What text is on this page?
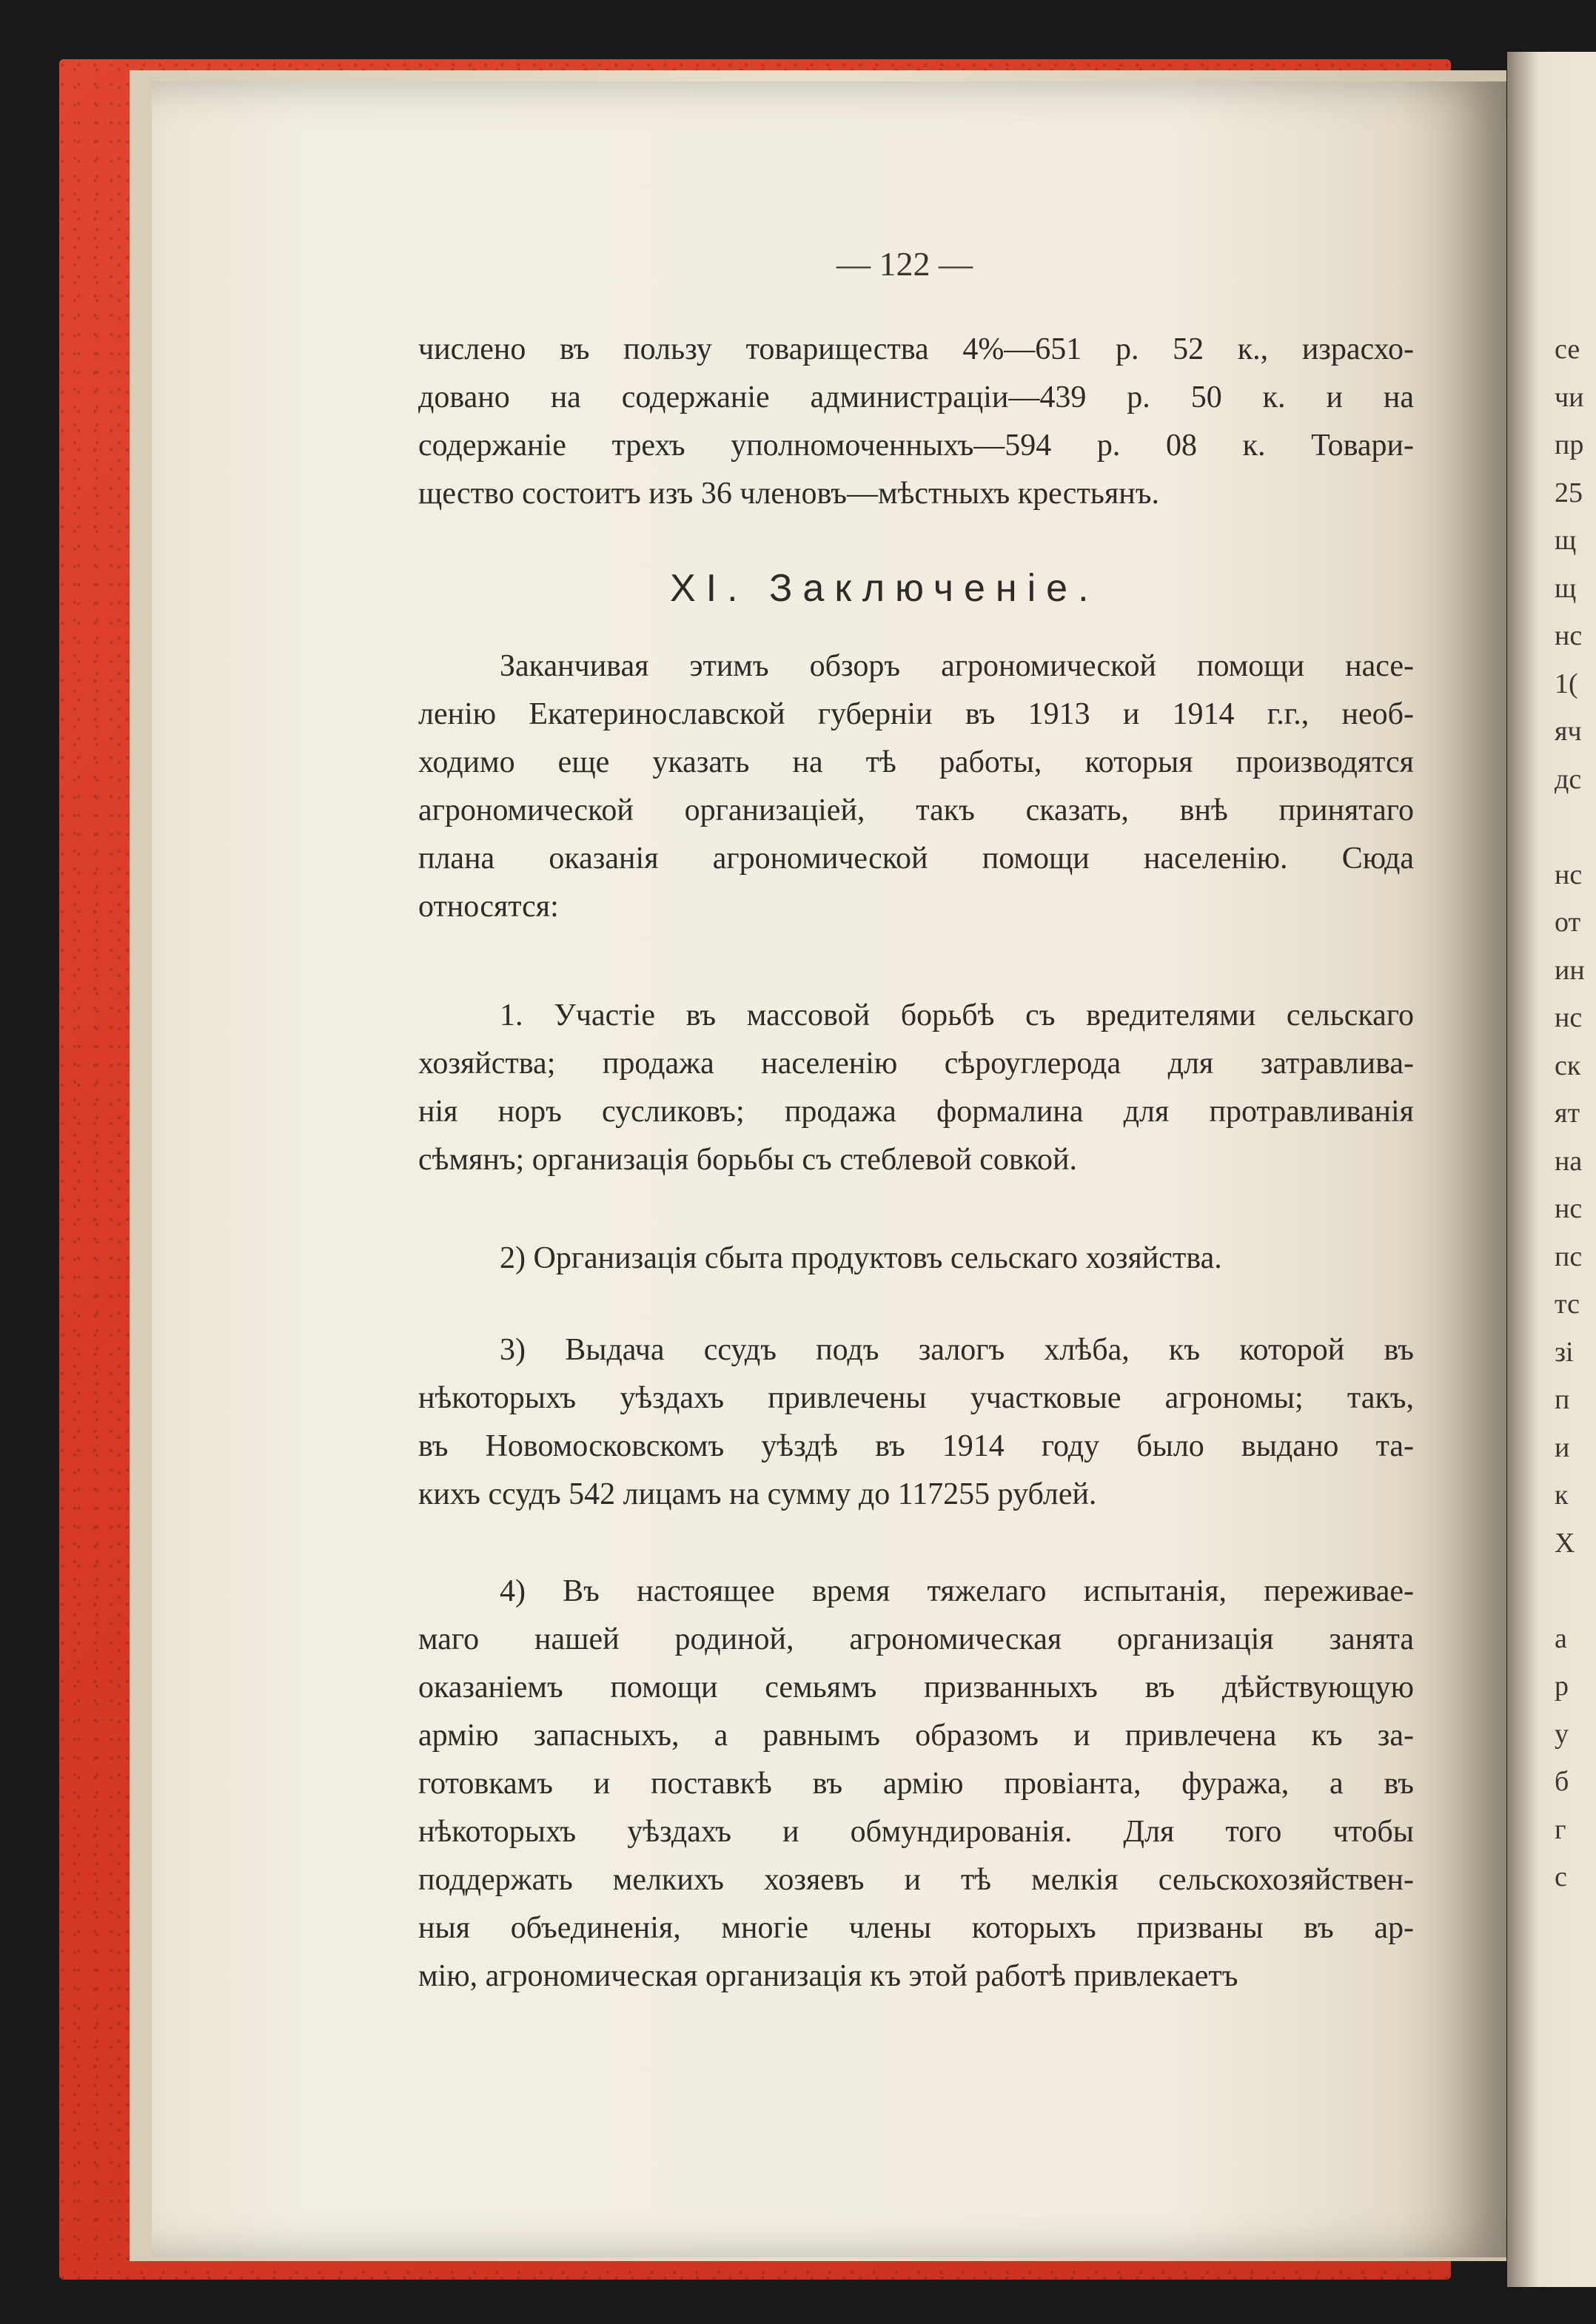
се
чи
пр
25
щ
щ
нс
1(
яч
дс

нс
от
ин
нс
ск
ят
на
нс
пс
тс
зі
п
и
к
X

а
р
у
б
г
с
— 122 —
числено въ пользу товарищества 4%—651 р. 52 к., израсхо-
довано на содержаніе администраціи—439 р. 50 к. и на
содержаніе трехъ уполномоченныхъ—594 р. 08 к. Товари-
щество состоитъ изъ 36 членовъ—мѣстныхъ крестьянъ.
XI. Заключеніе.
Заканчивая этимъ обзоръ агрономической помощи насе-
ленію Екатеринославской губерніи въ 1913 и 1914 г.г., необ-
ходимо еще указать на тѣ работы, которыя производятся
агрономической организаціей, такъ сказать, внѣ принятаго
плана оказанія агрономической помощи населенію. Сюда
относятся:
1. Участіе въ массовой борьбѣ съ вредителями сельскаго
хозяйства; продажа населенію сѣроуглерода для затравлива-
нія норъ сусликовъ; продажа формалина для протравливанія
сѣмянъ; организація борьбы съ стеблевой совкой.
2) Организація сбыта продуктовъ сельскаго хозяйства.
3) Выдача ссудъ подъ залогъ хлѣба, къ которой въ
нѣкоторыхъ уѣздахъ привлечены участковые агрономы; такъ,
въ Новомосковскомъ уѣздѣ въ 1914 году было выдано та-
кихъ ссудъ 542 лицамъ на сумму до 117255 рублей.
4) Въ настоящее время тяжелаго испытанія, переживае-
маго нашей родиной, агрономическая организація занята
оказаніемъ помощи семьямъ призванныхъ въ дѣйствующую
армію запасныхъ, а равнымъ образомъ и привлечена къ за-
готовкамъ и поставкѣ въ армію провіанта, фуража, а въ
нѣкоторыхъ уѣздахъ и обмундированія. Для того чтобы
поддержать мелкихъ хозяевъ и тѣ мелкія сельскохозяйствен-
ныя объединенія, многіе члены которыхъ призваны въ ар-
мію, агрономическая организація къ этой работѣ привлекаетъ
